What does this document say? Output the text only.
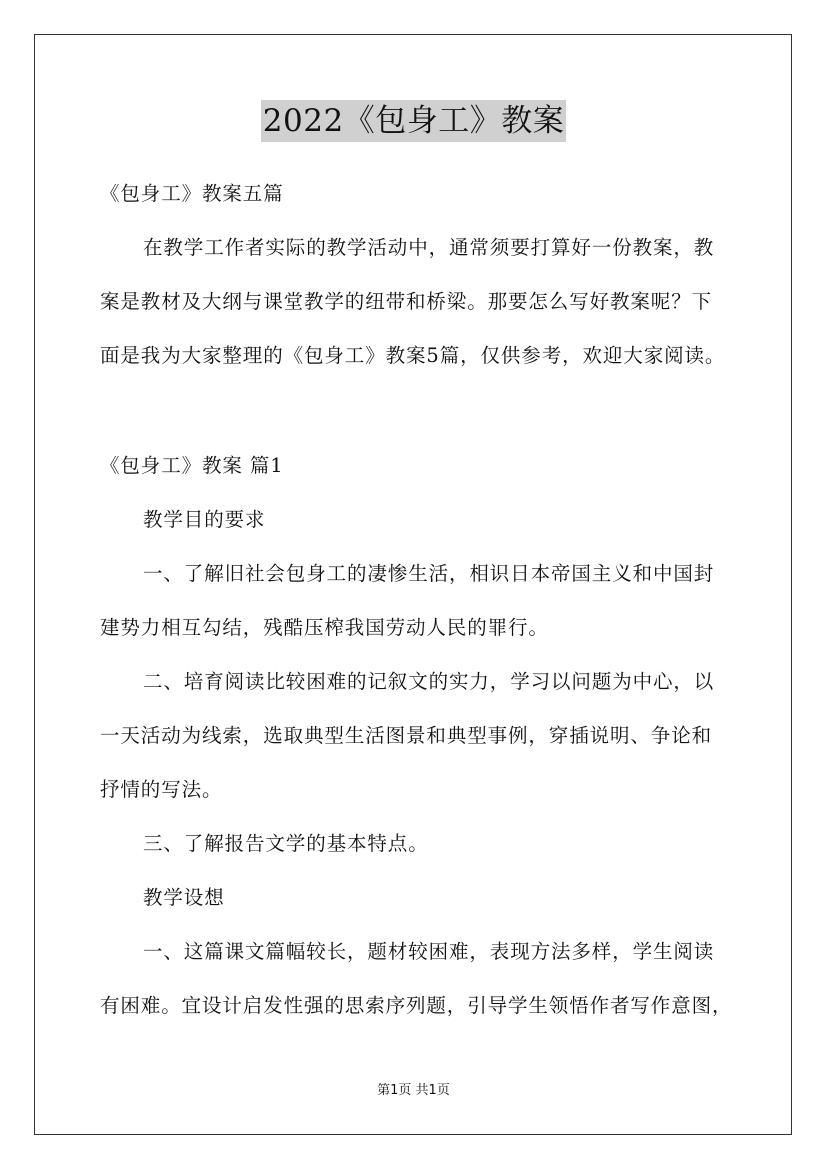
2022《包身工》教案
《包身工》教案五篇
在教学工作者实际的教学活动中，通常须要打算好一份教案，教
案是教材及大纲与课堂教学的纽带和桥梁。那要怎么写好教案呢？下
面是我为大家整理的《包身工》教案5篇，仅供参考，欢迎大家阅读。
《包身工》教案 篇1
教学目的要求
一、了解旧社会包身工的凄惨生活，相识日本帝国主义和中国封
建势力相互勾结，残酷压榨我国劳动人民的罪行。
二、培育阅读比较困难的记叙文的实力，学习以问题为中心，以
一天活动为线索，选取典型生活图景和典型事例，穿插说明、争论和
抒情的写法。
三、了解报告文学的基本特点。
教学设想
一、这篇课文篇幅较长，题材较困难，表现方法多样，学生阅读
有困难。宜设计启发性强的思索序列题，引导学生领悟作者写作意图，
第1页 共1页
